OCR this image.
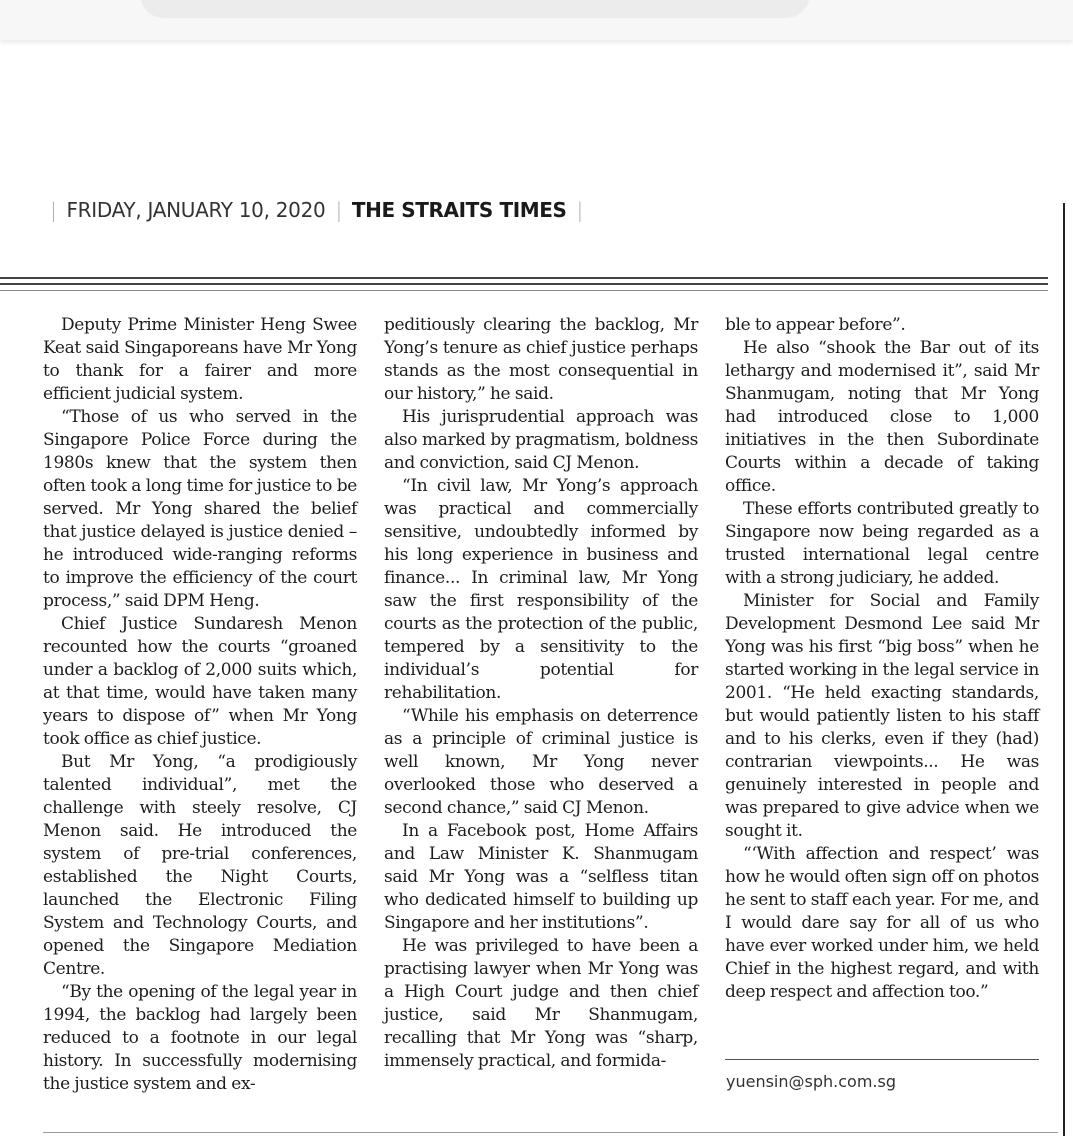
| FRIDAY, JANUARY 10, 2020 | THE STRAITS TIMES |

Deputy Prime Minister Heng Swee Keat said Singaporeans have Mr Yong to thank for a fairer and more efficient judicial system.

“Those of us who served in the Singapore Police Force during the 1980s knew that the system then often took a long time for justice to be served. Mr Yong shared the belief that justice delayed is justice denied – he introduced wide-ranging reforms to improve the efficiency of the court process,” said DPM Heng.

Chief Justice Sundaresh Menon recounted how the courts “groaned under a backlog of 2,000 suits which, at that time, would have taken many years to dispose of” when Mr Yong took office as chief justice.

But Mr Yong, “a prodigiously talented individual”, met the challenge with steely resolve, CJ Menon said. He introduced the system of pre-trial conferences, established the Night Courts, launched the Electronic Filing System and Technology Courts, and opened the Singapore Mediation Centre.

“By the opening of the legal year in 1994, the backlog had largely been reduced to a footnote in our legal history. In successfully modernising the justice system and ex-

peditiously clearing the backlog, Mr Yong’s tenure as chief justice perhaps stands as the most consequential in our history,” he said.

His jurisprudential approach was also marked by pragmatism, boldness and conviction, said CJ Menon.

“In civil law, Mr Yong’s approach was practical and commercially sensitive, undoubtedly informed by his long experience in business and finance... In criminal law, Mr Yong saw the first responsibility of the courts as the protection of the public, tempered by a sensitivity to the individual’s potential for rehabilitation.

“While his emphasis on deterrence as a principle of criminal justice is well known, Mr Yong never overlooked those who deserved a second chance,” said CJ Menon.

In a Facebook post, Home Affairs and Law Minister K. Shanmugam said Mr Yong was a “selfless titan who dedicated himself to building up Singapore and her institutions”.

He was privileged to have been a practising lawyer when Mr Yong was a High Court judge and then chief justice, said Mr Shanmugam, recalling that Mr Yong was “sharp, immensely practical, and formida-

ble to appear before”.

He also “shook the Bar out of its lethargy and modernised it”, said Mr Shanmugam, noting that Mr Yong had introduced close to 1,000 initiatives in the then Subordinate Courts within a decade of taking office.

These efforts contributed greatly to Singapore now being regarded as a trusted international legal centre with a strong judiciary, he added.

Minister for Social and Family Development Desmond Lee said Mr Yong was his first “big boss” when he started working in the legal service in 2001. “He held exacting standards, but would patiently listen to his staff and to his clerks, even if they (had) contrarian viewpoints... He was genuinely interested in people and was prepared to give advice when we sought it.

“‘With affection and respect’ was how he would often sign off on photos he sent to staff each year. For me, and I would dare say for all of us who have ever worked under him, we held Chief in the highest regard, and with deep respect and affection too.”

yuensin@sph.com.sg
